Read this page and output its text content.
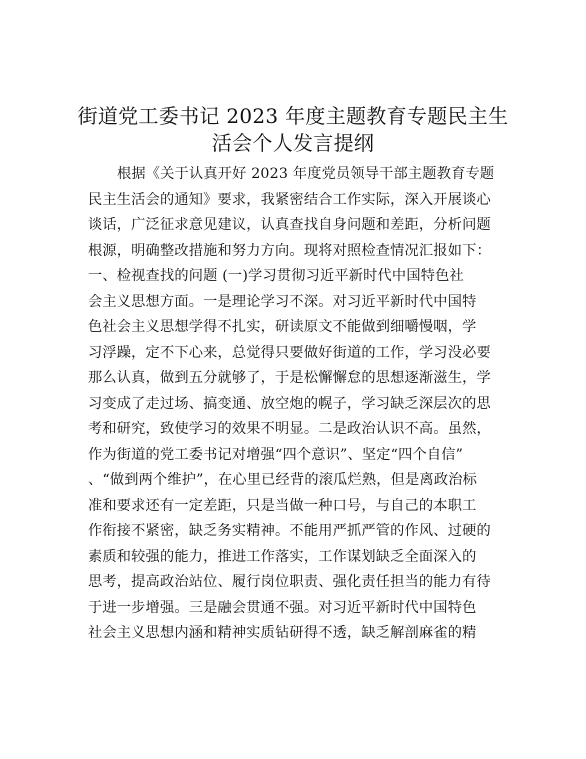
街道党工委书记 2023 年度主题教育专题民主生
活会个人发言提纲
根据《关于认真开好 2023 年度党员领导干部主题教育专题
民主生活会的通知》要求，我紧密结合工作实际，深入开展谈心
谈话，广泛征求意见建议，认真查找自身问题和差距，分析问题
根源，明确整改措施和努力方向。现将对照检查情况汇报如下：
一、检视查找的问题 (一)学习贯彻习近平新时代中国特色社
会主义思想方面。一是理论学习不深。对习近平新时代中国特
色社会主义思想学得不扎实，研读原文不能做到细嚼慢咽，学
习浮躁，定不下心来，总觉得只要做好街道的工作，学习没必要
那么认真，做到五分就够了，于是松懈懈怠的思想逐渐滋生，学
习变成了走过场、搞变通、放空炮的幌子，学习缺乏深层次的思
考和研究，致使学习的效果不明显。二是政治认识不高。虽然，
作为街道的党工委书记对增强“四个意识”、坚定“四个自信”
、“做到两个维护”，在心里已经背的滚瓜烂熟，但是离政治标
准和要求还有一定差距，只是当做一种口号，与自己的本职工
作衔接不紧密，缺乏务实精神。不能用严抓严管的作风、过硬的
素质和较强的能力，推进工作落实，工作谋划缺乏全面深入的
思考，提高政治站位、履行岗位职责、强化责任担当的能力有待
于进一步增强。三是融会贯通不强。对习近平新时代中国特色
社会主义思想内涵和精神实质钻研得不透，缺乏解剖麻雀的精
